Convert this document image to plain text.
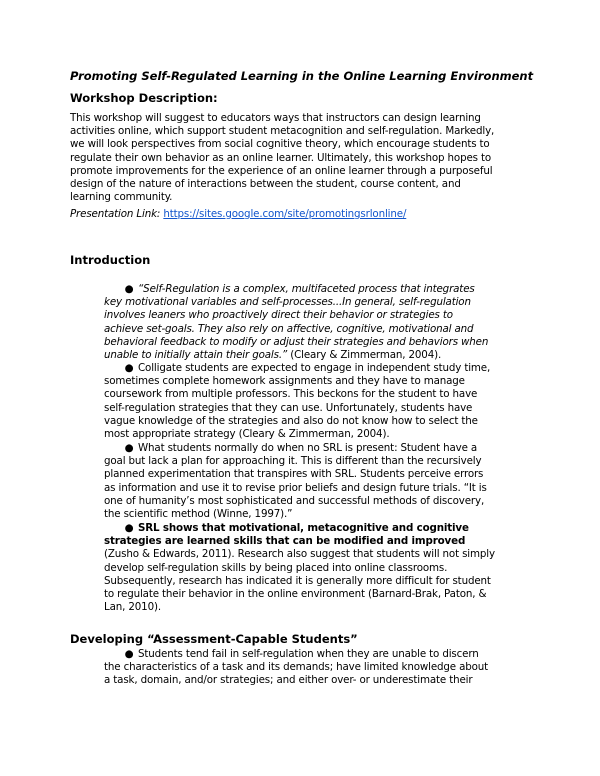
Promoting Self-Regulated Learning in the Online Learning Environment
Workshop Description:
This workshop will suggest to educators ways that instructors can design learning
activities online, which support student metacognition and self-regulation. Markedly,
we will look perspectives from social cognitive theory, which encourage students to
regulate their own behavior as an online learner. Ultimately, this workshop hopes to
promote improvements for the experience of an online learner through a purposeful
design of the nature of interactions between the student, course content, and
learning community.
Presentation Link: https://sites.google.com/site/promotingsrlonline/
Introduction
● “Self-Regulation is a complex, multifaceted process that integrates
key motivational variables and self-processes...In general, self-regulation
involves leaners who proactively direct their behavior or strategies to
achieve set-goals. They also rely on affective, cognitive, motivational and
behavioral feedback to modify or adjust their strategies and behaviors when
unable to initially attain their goals.” (Cleary & Zimmerman, 2004).
● Colligate students are expected to engage in independent study time,
sometimes complete homework assignments and they have to manage
coursework from multiple professors. This beckons for the student to have
self-regulation strategies that they can use. Unfortunately, students have
vague knowledge of the strategies and also do not know how to select the
most appropriate strategy (Cleary & Zimmerman, 2004).
● What students normally do when no SRL is present: Student have a
goal but lack a plan for approaching it. This is different than the recursively
planned experimentation that transpires with SRL. Students perceive errors
as information and use it to revise prior beliefs and design future trials. “It is
one of humanity’s most sophisticated and successful methods of discovery,
the scientific method (Winne, 1997).”
● SRL shows that motivational, metacognitive and cognitive
strategies are learned skills that can be modified and improved
(Zusho & Edwards, 2011). Research also suggest that students will not simply
develop self-regulation skills by being placed into online classrooms.
Subsequently, research has indicated it is generally more difficult for student
to regulate their behavior in the online environment (Barnard-Brak, Paton, &
Lan, 2010).
Developing “Assessment-Capable Students”
● Students tend fail in self-regulation when they are unable to discern
the characteristics of a task and its demands; have limited knowledge about
a task, domain, and/or strategies; and either over- or underestimate their
